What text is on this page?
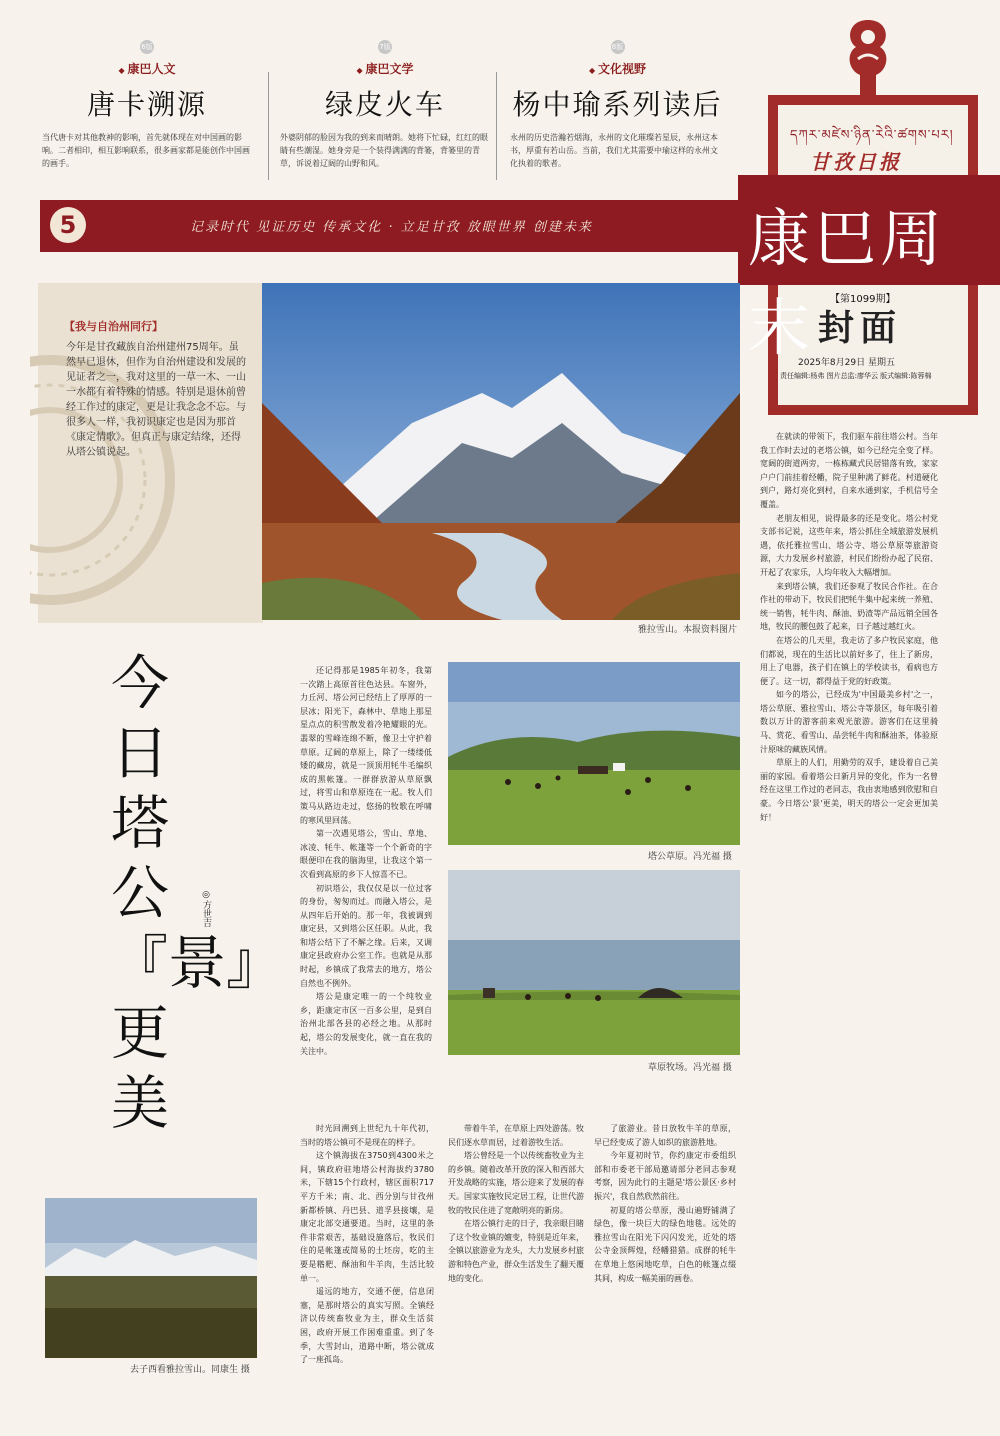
6版
◆ 康巴人文
唐卡溯源
当代唐卡对其他教神的影响，首先就体现在对中国画的影响。二者相印，相互影响联系，很多画家都是能创作中国画的画手。
7版
◆ 康巴文学
绿皮火车
外婆阴郁的脸因为我的到来而晴朗。她将下忙碌，红红的眼睛有些潮湿。她身旁是一个装得满满的背篓，背篓里的青草，诉说着辽阔的山野和风。
8版
◆ 文化视野
杨中瑜系列读后
永州的历史浩瀚若烟海，永州的文化璀璨若星辰，永州这本书，厚重有若山岳。当前，我们尤其需要中瑜这样的永州文化执着的歌者。
5	记录时代 见证历史 传承文化 · 立足甘孜 放眼世界 创建未来
དཀར་མཛེས་ཉིན་རེའི་ཚགས་པར།
甘孜日报
康巴周末	【第1099期】
封面
2025年8月29日 星期五
责任编辑:杨弗 图片总监:廖华云 版式编辑:陈蓉棉
【我与自治州同行】
今年是甘孜藏族自治州建州75周年。虽然早已退休，但作为自治州建设和发展的见证者之一，我对这里的一草一木、一山一水都有着特殊的情感。特别是退休前曾经工作过的康定，更是让我念念不忘。与很多人一样，我初识康定也是因为那首《康定情歌》。但真正与康定结缘，还得从塔公镇说起。
今日塔公『景』更美
◎方世吉
雅拉雪山。本报资料图片
塔公草原。冯光福 摄
草原牧场。冯光福 摄
去子西看雅拉雪山。同康生 摄

还记得那是1985年初冬，我第一次踏上高原首往色达县。车窗外，力丘河、塔公河已经结上了厚厚的一层冰；阳光下，森林中、草地上那星星点点的积雪散发着冷艳耀眼的光。翡翠的雪峰连绵不断，像卫士守护着草原。辽阔的草原上，除了一缕缕低矮的藏房，就是一顶顶用牦牛毛编织成的黑帐篷。一群群放游从草原飘过，将雪山和草原连在一起。牧人们策马从路边走过，悠扬的牧歌在呼啸的寒风里回荡。

第一次遇见塔公，雪山、草地、冰凌、牦牛、帐篷等一个个新奇的字眼便印在我的脑海里，让我这个第一次看到高原的乡下人惊喜不已。

初识塔公，我仅仅是以一位过客的身份，匆匆而过。而融入塔公，是从四年后开始的。那一年，我被调到康定县，又到塔公区任职。从此，我和塔公结下了不解之缘。后来，又调康定县政府办公室工作。也就是从那时起，乡镇成了我常去的地方，塔公自然也不例外。

塔公是康定唯一的一个纯牧业乡，距康定市区一百多公里，是到自治州北部各县的必经之地。从那时起，塔公的发展变化，就一直在我的关注中。

时光回溯到上世纪九十年代初，当时的塔公镇可不是现在的样子。

这个镇海拔在3750到4300米之间，镇政府驻地塔公村海拔约3780米，下辖15个行政村，辖区面积717平方千米；南、北、西分别与甘孜州新都桥镇、丹巴县、道孚县接壤，是康定北部交通要道。当时，这里的条件非常艰苦，基础设施落后，牧民们住的是帐篷或简易的土坯房，吃的主要是糌粑、酥油和牛羊肉，生活比较单一。

遥远的地方，交通不便，信息闭塞，是那时塔公的真实写照。全镇经济以传统畜牧业为主，群众生活贫困，政府开展工作困难重重。到了冬季，大雪封山，道路中断，塔公就成了一座孤岛。

带着牛羊，在草原上四处游荡。牧民们逐水草而居，过着游牧生活。

塔公曾经是一个以传统畜牧业为主的乡镇。随着改革开放的深入和西部大开发战略的实施，塔公迎来了发展的春天。国家实施牧民定居工程，让世代游牧的牧民住进了宽敞明亮的新房。

在塔公镇行走的日子，我亲眼目睹了这个牧业镇的嬗变，特别是近年来，全镇以旅游业为龙头，大力发展乡村旅游和特色产业，群众生活发生了翻天覆地的变化。

了旅游业。昔日放牧牛羊的草原，早已经变成了游人如织的旅游胜地。

今年夏初时节，你约康定市委组织部和市委老干部局邀请部分老同志参观考察，因为此行的主题是'塔公景区·乡村振兴'，我自然欣然前往。

初夏的塔公草原，漫山遍野铺满了绿色，像一块巨大的绿色地毯。远处的雅拉雪山在阳光下闪闪发光，近处的塔公寺金顶辉煌，经幡猎猎。成群的牦牛在草地上悠闲地吃草，白色的帐篷点缀其间，构成一幅美丽的画卷。

在就读的带领下，我们驱车前往塔公村。当年我工作时去过的老塔公镇，如今已经完全变了样。宽阔的街道两旁，一栋栋藏式民居错落有致，家家户户门前挂着经幡，院子里种满了鲜花。村道硬化到户，路灯亮化到村，自来水通到家，手机信号全覆盖。

老朋友相见，说得最多的还是变化。塔公村党支部书记说，这些年来，塔公抓住全域旅游发展机遇，依托雅拉雪山、塔公寺、塔公草原等旅游资源，大力发展乡村旅游，村民们纷纷办起了民宿、开起了农家乐，人均年收入大幅增加。

来到塔公镇，我们还参观了牧民合作社。在合作社的带动下，牧民们把牦牛集中起来统一养殖、统一销售，牦牛肉、酥油、奶渣等产品远销全国各地，牧民的腰包鼓了起来，日子越过越红火。

在塔公的几天里，我走访了多户牧民家庭，他们都说，现在的生活比以前好多了，住上了新房，用上了电器，孩子们在镇上的学校读书，看病也方便了。这一切，都得益于党的好政策。

如今的塔公，已经成为'中国最美乡村'之一，塔公草原、雅拉雪山、塔公寺等景区，每年吸引着数以万计的游客前来观光旅游。游客们在这里骑马、赏花、看雪山、品尝牦牛肉和酥油茶，体验原汁原味的藏族风情。

草原上的人们，用勤劳的双手，建设着自己美丽的家园。看着塔公日新月异的变化，作为一名曾经在这里工作过的老同志，我由衷地感到欣慰和自豪。今日塔公'景'更美，明天的塔公一定会更加美好！
